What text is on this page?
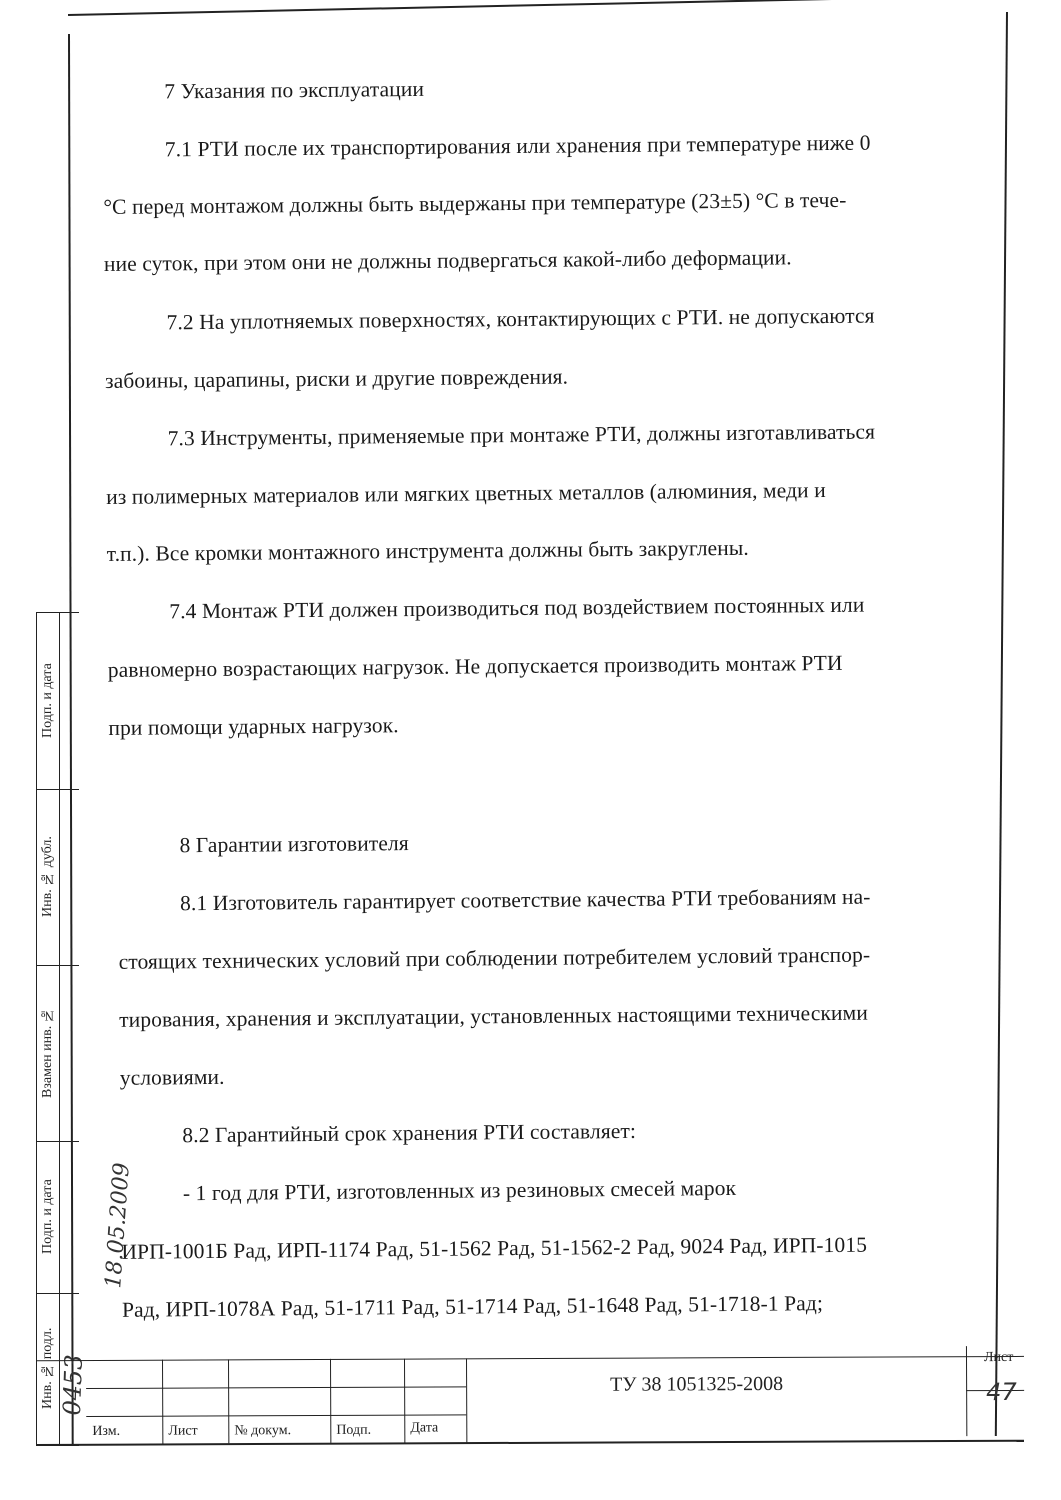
7 Указания по эксплуатации
7.1 РТИ после их транспортирования или хранения при температуре ниже 0
°С перед монтажом должны быть выдержаны при температуре (23±5) °С в тече-
ние суток, при этом они не должны подвергаться какой-либо деформации.
7.2 На уплотняемых поверхностях, контактирующих с РТИ. не допускаются
забоины, царапины, риски и другие повреждения.
7.3 Инструменты, применяемые при монтаже РТИ, должны изготавливаться
из полимерных материалов или мягких цветных металлов (алюминия, меди и
т.п.). Все кромки монтажного инструмента должны быть закруглены.
7.4 Монтаж РТИ должен производиться под воздействием постоянных или
равномерно возрастающих нагрузок. Не допускается производить монтаж РТИ
при помощи ударных нагрузок.
8 Гарантии изготовителя
8.1 Изготовитель гарантирует соответствие качества РТИ требованиям на-
стоящих технических условий при соблюдении потребителем условий транспор-
тирования, хранения и эксплуатации, установленных настоящими техническими
условиями.
8.2 Гарантийный срок хранения РТИ составляет:
- 1 год для РТИ, изготовленных из резиновых смесей марок
ИРП-1001Б Рад, ИРП-1174 Рад, 51-1562 Рад, 51-1562-2 Рад, 9024 Рад, ИРП-1015
Рад, ИРП-1078А Рад, 51-1711 Рад, 51-1714 Рад, 51-1648 Рад, 51-1718-1 Рад;
Подп. и дата
Инв. № дубл.
Взамен инв. №
Подп. и дата
Инв. № подл.
18.05.2009
0453
Изм.	Лист	№ докум.	Подп.	Дата
ТУ 38 1051325-2008
Лист
47
